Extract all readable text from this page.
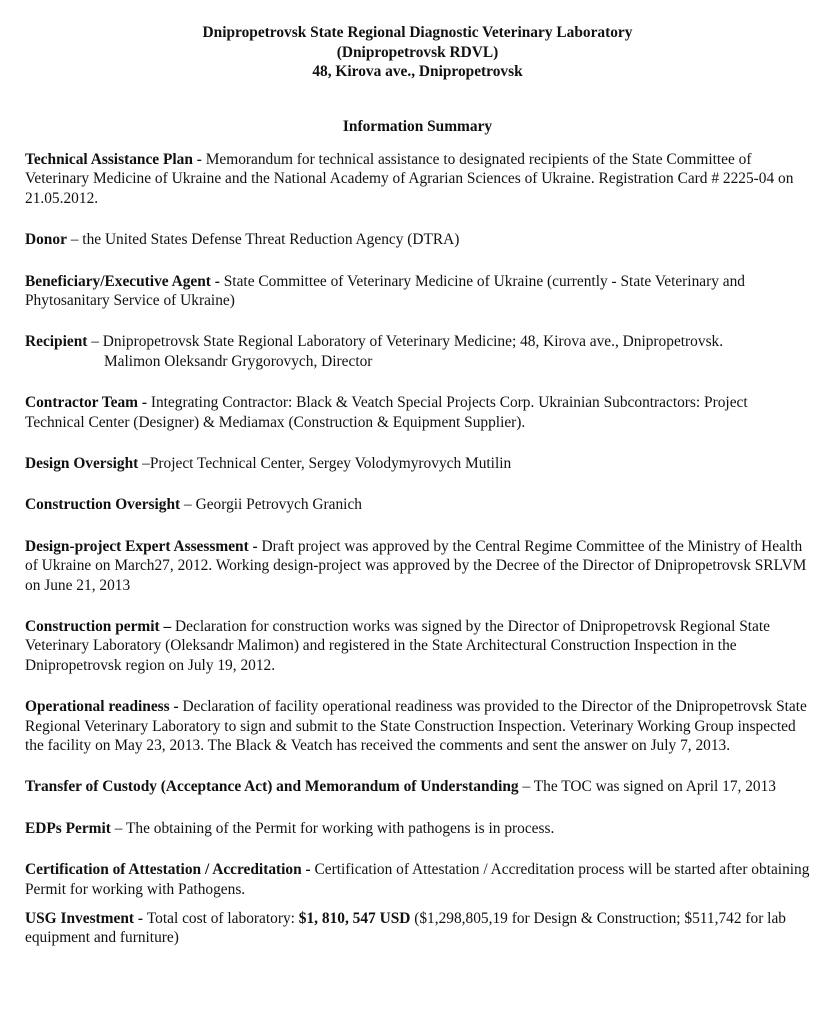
Dnipropetrovsk State Regional Diagnostic Veterinary Laboratory
(Dnipropetrovsk RDVL)
48, Kirova ave., Dnipropetrovsk
Information Summary

Technical Assistance Plan - Memorandum for technical assistance to designated recipients of the State Committee of Veterinary Medicine of Ukraine and the National Academy of Agrarian Sciences of Ukraine. Registration Card # 2225-04 on 21.05.2012.

Donor – the United States Defense Threat Reduction Agency (DTRA)

Beneficiary/Executive Agent - State Committee of Veterinary Medicine of Ukraine (currently - State Veterinary and Phytosanitary Service of Ukraine)

Recipient – Dnipropetrovsk State Regional Laboratory of Veterinary Medicine; 48, Kirova ave., Dnipropetrovsk.
Malimon Oleksandr Grygorovych, Director

Contractor Team - Integrating Contractor: Black & Veatch Special Projects Corp. Ukrainian Subcontractors: Project Technical Center (Designer) & Mediamax (Construction & Equipment Supplier).

Design Oversight –Project Technical Center, Sergey Volodymyrovych Mutilin

Construction Oversight – Georgii Petrovych Granich

Design-project Expert Assessment - Draft project was approved by the Central Regime Committee of the Ministry of Health of Ukraine on March27, 2012. Working design-project was approved by the Decree of the Director of Dnipropetrovsk SRLVM on June 21, 2013

Construction permit – Declaration for construction works was signed by the Director of Dnipropetrovsk Regional State Veterinary Laboratory (Oleksandr Malimon) and registered in the State Architectural Construction Inspection in the Dnipropetrovsk region on July 19, 2012.

Operational readiness - Declaration of facility operational readiness was provided to the Director of the Dnipropetrovsk State Regional Veterinary Laboratory to sign and submit to the State Construction Inspection. Veterinary Working Group inspected the facility on May 23, 2013. The Black & Veatch has received the comments and sent the answer on July 7, 2013.

Transfer of Custody (Acceptance Act) and Memorandum of Understanding – The TOC was signed on April 17, 2013

EDPs Permit – The obtaining of the Permit for working with pathogens is in process.

Certification of Attestation / Accreditation - Certification of Attestation / Accreditation process will be started after obtaining Permit for working with Pathogens.

USG Investment - Total cost of laboratory: $1, 810, 547 USD ($1,298,805,19 for Design & Construction; $511,742 for lab equipment and furniture)
